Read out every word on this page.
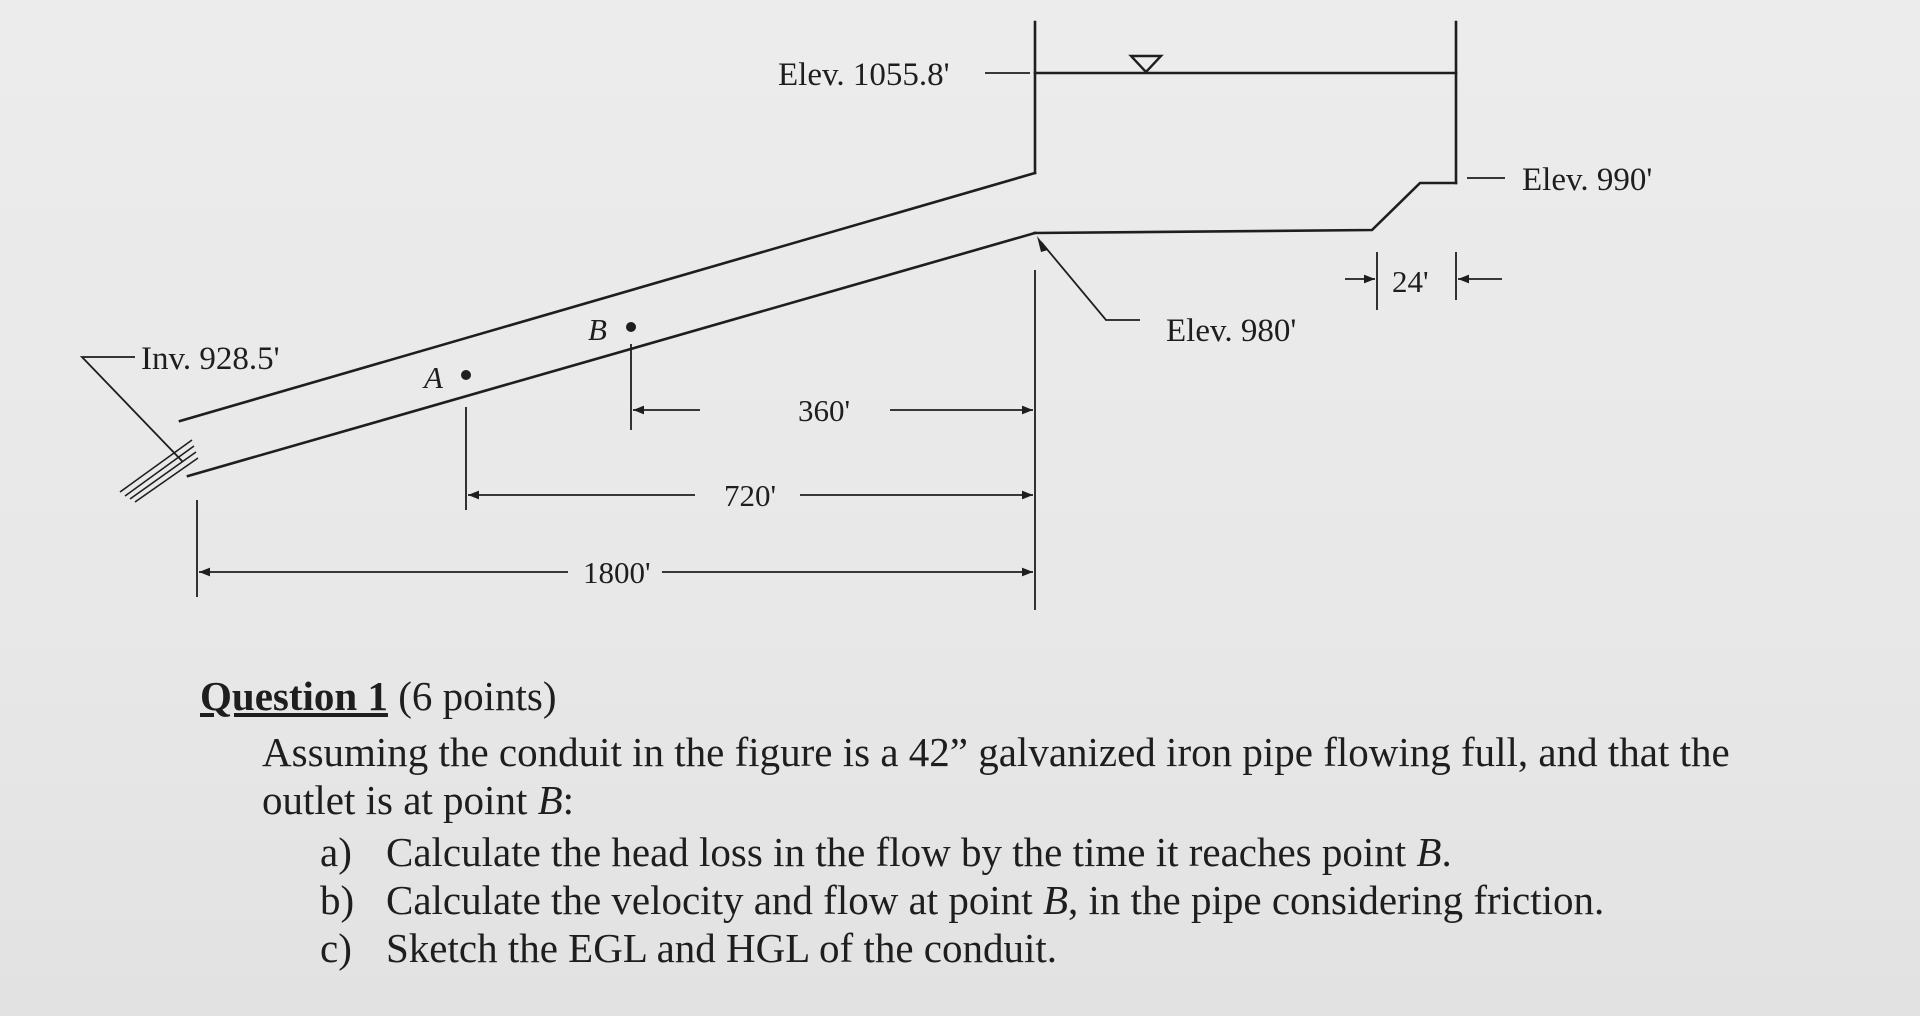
Elev. 1055.8'
Elev. 990'
Elev. 980'
Inv. 928.5'
A
B
24'
360'
720'
1800'

Question 1 (6 points)

Assuming the conduit in the figure is a 42” galvanized iron pipe flowing full, and that the outlet is at point B:

a) Calculate the head loss in the flow by the time it reaches point B.
b) Calculate the velocity and flow at point B, in the pipe considering friction.
c) Sketch the EGL and HGL of the conduit.
